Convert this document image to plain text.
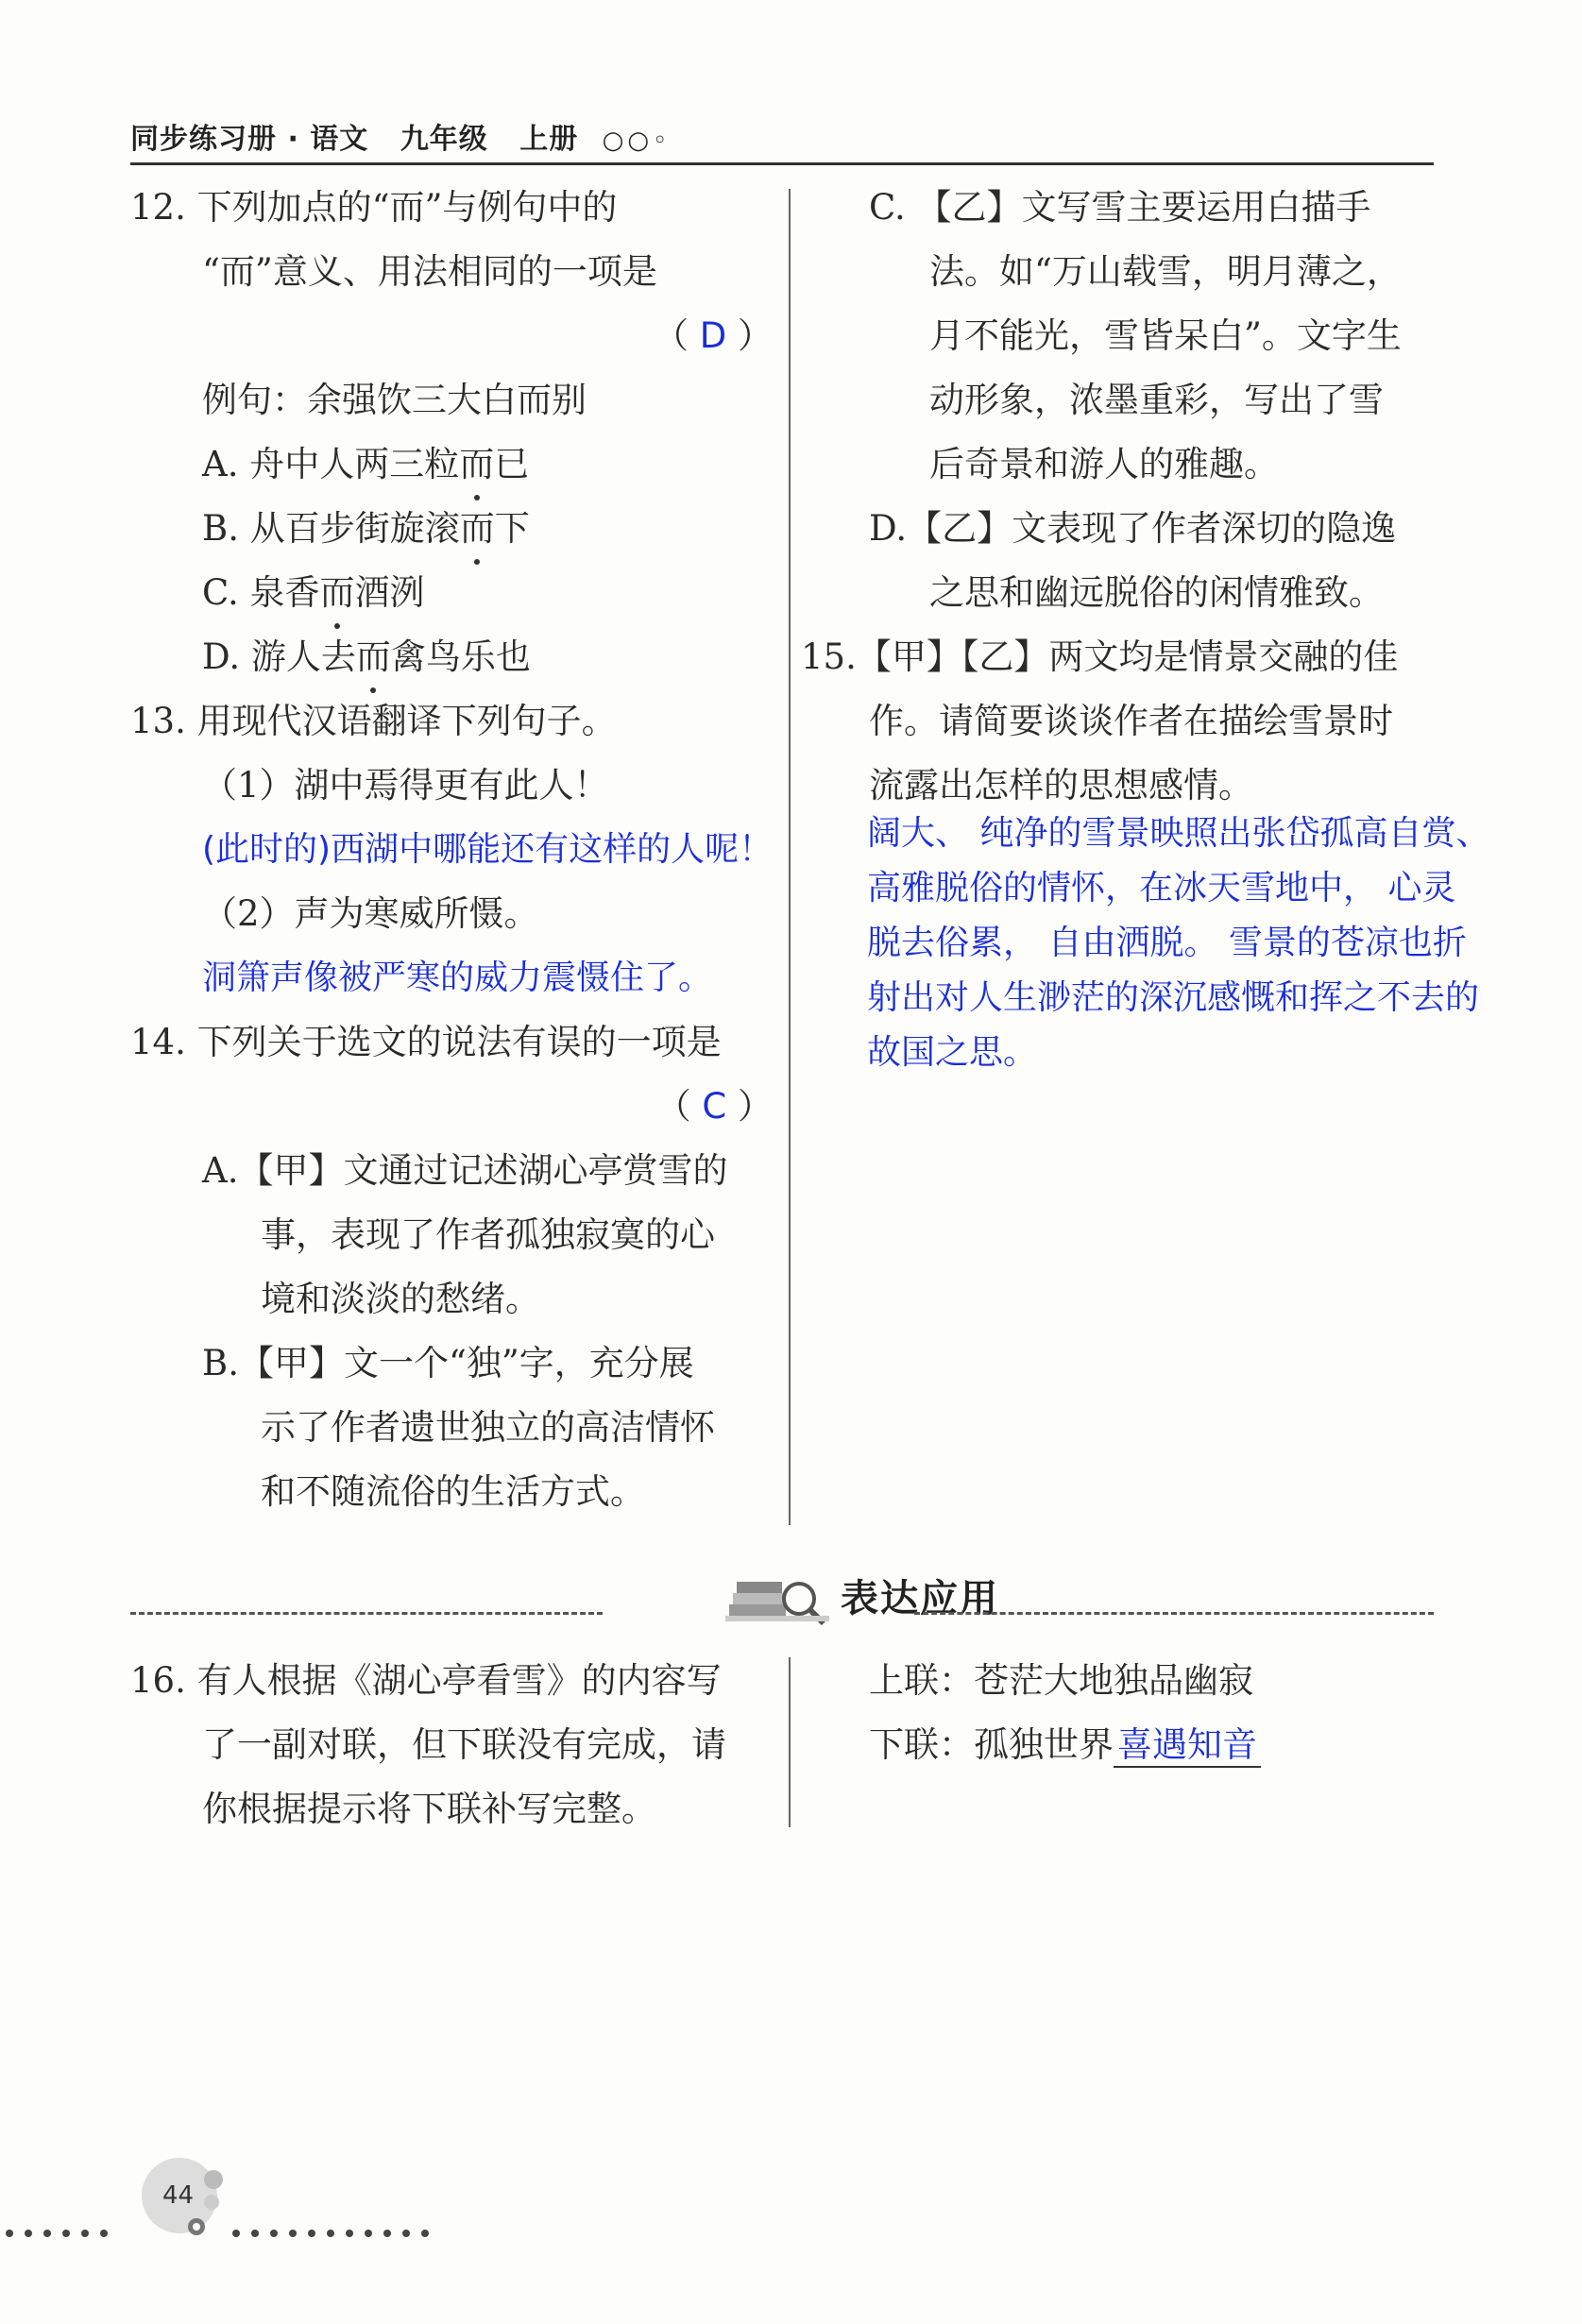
同步练习册 · 语文 九年级 上册 ○○◦

12. 下列加点的“而”与例句中的

“而”意义、用法相同的一项是

（ D ）

例句：余强饮三大白而别

A. 舟中人两三粒而已

B. 从百步街旋滚而下

C. 泉香而酒洌

D. 游人去而禽鸟乐也

13. 用现代汉语翻译下列句子。

（1）湖中焉得更有此人！

(此时的)西湖中哪能还有这样的人呢！

（2）声为寒威所慑。

洞箫声像被严寒的威力震慑住了。

14. 下列关于选文的说法有误的一项是

（ C ）

A.【甲】文通过记述湖心亭赏雪的

事，表现了作者孤独寂寞的心

境和淡淡的愁绪。

B.【甲】文一个“独”字，充分展

示了作者遗世独立的高洁情怀

和不随流俗的生活方式。

C. 【乙】文写雪主要运用白描手

法。如“万山载雪，明月薄之，

月不能光，雪皆呆白”。文字生

动形象，浓墨重彩，写出了雪

后奇景和游人的雅趣。

D.【乙】文表现了作者深切的隐逸

之思和幽远脱俗的闲情雅致。

15.【甲】【乙】两文均是情景交融的佳

作。请简要谈谈作者在描绘雪景时

流露出怎样的思想感情。

阔大、 纯净的雪景映照出张岱孤高自赏、
高雅脱俗的情怀，在冰天雪地中， 心灵
脱去俗累， 自由洒脱。 雪景的苍凉也折
射出对人生渺茫的深沉感慨和挥之不去的
故国之思。
表达应用

16. 有人根据《湖心亭看雪》的内容写

了一副对联，但下联没有完成，请

你根据提示将下联补写完整。

上联：苍茫大地独品幽寂

下联：孤独世界 喜遇知音

44
